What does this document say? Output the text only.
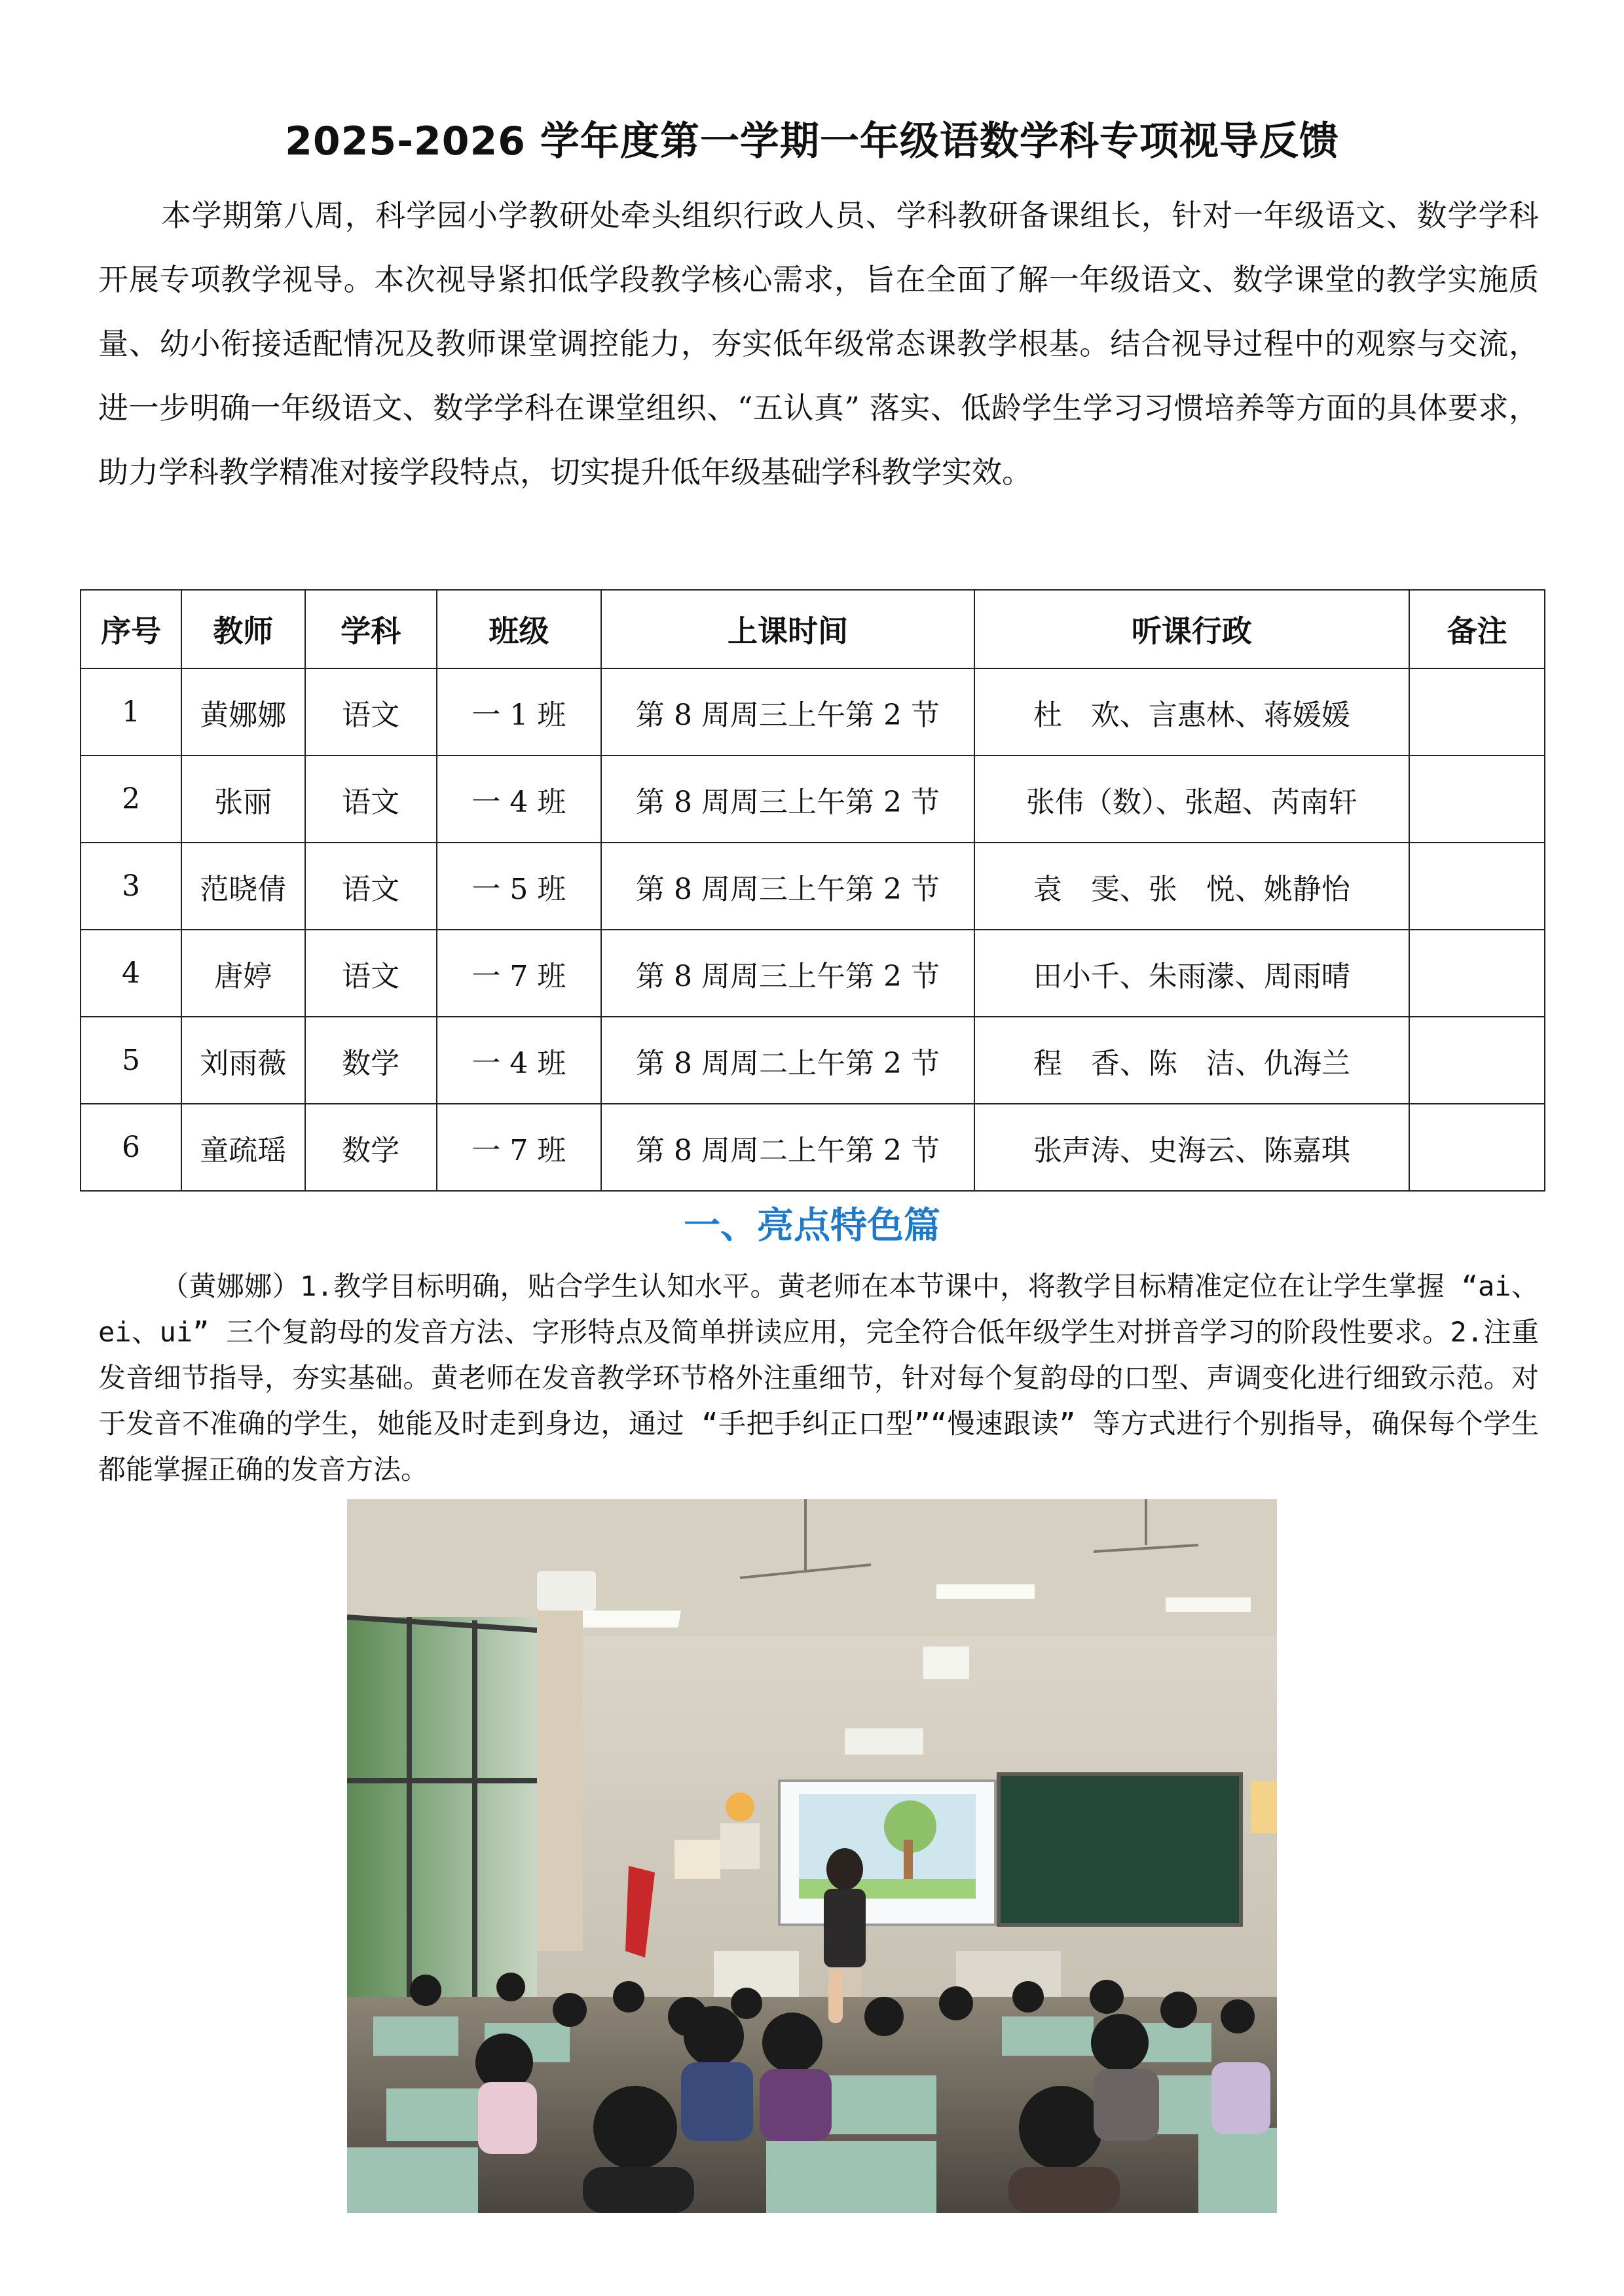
2025-2026 学年度第一学期一年级语数学科专项视导反馈
本学期第八周，科学园小学教研处牵头组织行政人员、学科教研备课组长，针对一年级语文、数学学科开展专项教学视导。本次视导紧扣低学段教学核心需求，旨在全面了解一年级语文、数学课堂的教学实施质量、幼小衔接适配情况及教师课堂调控能力，夯实低年级常态课教学根基。结合视导过程中的观察与交流，进一步明确一年级语文、数学学科在课堂组织、“五认真” 落实、低龄学生学习习惯培养等方面的具体要求，助力学科教学精准对接学段特点，切实提升低年级基础学科教学实效。
序号	教师	学科	班级	上课时间	听课行政	备注
1	黄娜娜	语文	一 1 班	第 8 周周三上午第 2 节	杜　欢、言惠林、蒋媛媛	
2	张丽	语文	一 4 班	第 8 周周三上午第 2 节	张伟（数）、张超、芮南轩	
3	范晓倩	语文	一 5 班	第 8 周周三上午第 2 节	袁　雯、张　悦、姚静怡	
4	唐婷	语文	一 7 班	第 8 周周三上午第 2 节	田小千、朱雨濛、周雨晴	
5	刘雨薇	数学	一 4 班	第 8 周周二上午第 2 节	程　香、陈　洁、仇海兰	
6	童疏瑶	数学	一 7 班	第 8 周周二上午第 2 节	张声涛、史海云、陈嘉琪	
一、亮点特色篇
（黄娜娜）1.教学目标明确，贴合学生认知水平。黄老师在本节课中，将教学目标精准定位在让学生掌握 “ai、ei、ui” 三个复韵母的发音方法、字形特点及简单拼读应用，完全符合低年级学生对拼音学习的阶段性要求。2.注重发音细节指导，夯实基础。黄老师在发音教学环节格外注重细节，针对每个复韵母的口型、声调变化进行细致示范。对于发音不准确的学生，她能及时走到身边，通过 “手把手纠正口型”“慢速跟读” 等方式进行个别指导，确保每个学生都能掌握正确的发音方法。
